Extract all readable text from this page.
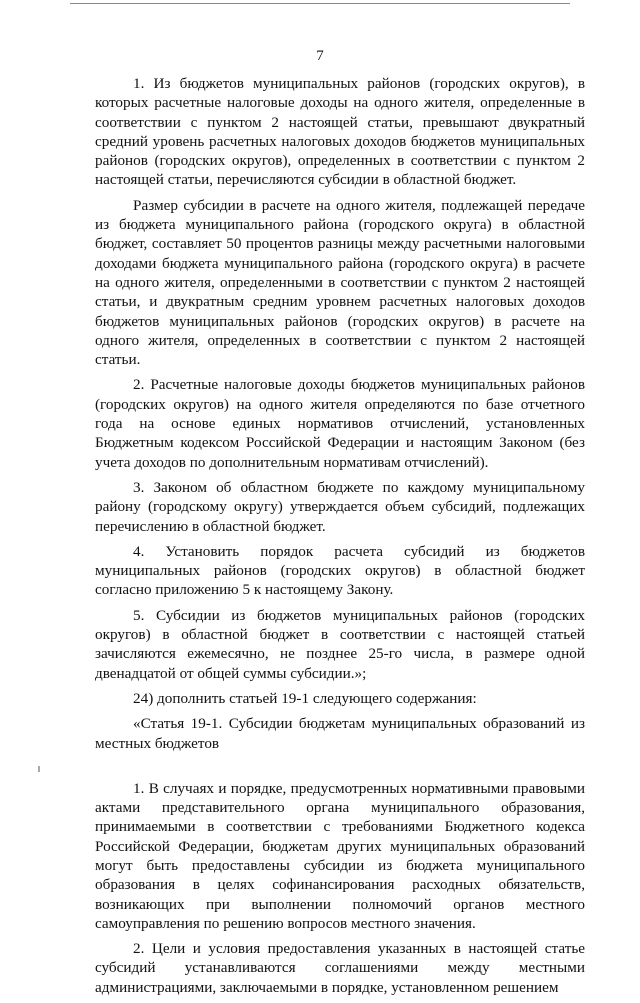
7

1. Из бюджетов муниципальных районов (городских округов), в которых расчетные налоговые доходы на одного жителя, определенные в соответствии с пунктом 2 настоящей статьи, превышают двукратный средний уровень расчетных налоговых доходов бюджетов муниципальных районов (городских округов), определенных в соответствии с пунктом 2 настоящей статьи, перечисляются субсидии в областной бюджет.

Размер субсидии в расчете на одного жителя, подлежащей передаче из бюджета муниципального района (городского округа) в областной бюджет, составляет 50 процентов разницы между расчетными налоговыми доходами бюджета муниципального района (городского округа) в расчете на одного жителя, определенными в соответствии с пунктом 2 настоящей статьи, и двукратным средним уровнем расчетных налоговых доходов бюджетов муниципальных районов (городских округов) в расчете на одного жителя, определенных в соответствии с пунктом 2 настоящей статьи.

2. Расчетные налоговые доходы бюджетов муниципальных районов (городских округов) на одного жителя определяются по базе отчетного года на основе единых нормативов отчислений, установленных Бюджетным кодексом Российской Федерации и настоящим Законом (без учета доходов по дополнительным нормативам отчислений).

3. Законом об областном бюджете по каждому муниципальному району (городскому округу) утверждается объем субсидий, подлежащих перечислению в областной бюджет.

4. Установить порядок расчета субсидий из бюджетов муниципальных районов (городских округов) в областной бюджет согласно приложению 5 к настоящему Закону.

5. Субсидии из бюджетов муниципальных районов (городских округов) в областной бюджет в соответствии с настоящей статьей зачисляются ежемесячно, не позднее 25-го числа, в размере одной двенадцатой от общей суммы субсидии.»;

24) дополнить статьей 19-1 следующего содержания:

«Статья 19-1. Субсидии бюджетам муниципальных образований из местных бюджетов

1. В случаях и порядке, предусмотренных нормативными правовыми актами представительного органа муниципального образования, принимаемыми в соответствии с требованиями Бюджетного кодекса Российской Федерации, бюджетам других муниципальных образований могут быть предоставлены субсидии из бюджета муниципального образования в целях софинансирования расходных обязательств, возникающих при выполнении полномочий органов местного самоуправления по решению вопросов местного значения.

2. Цели и условия предоставления указанных в настоящей статье субсидий устанавливаются соглашениями между местными администрациями, заключаемыми в порядке, установленном решением
